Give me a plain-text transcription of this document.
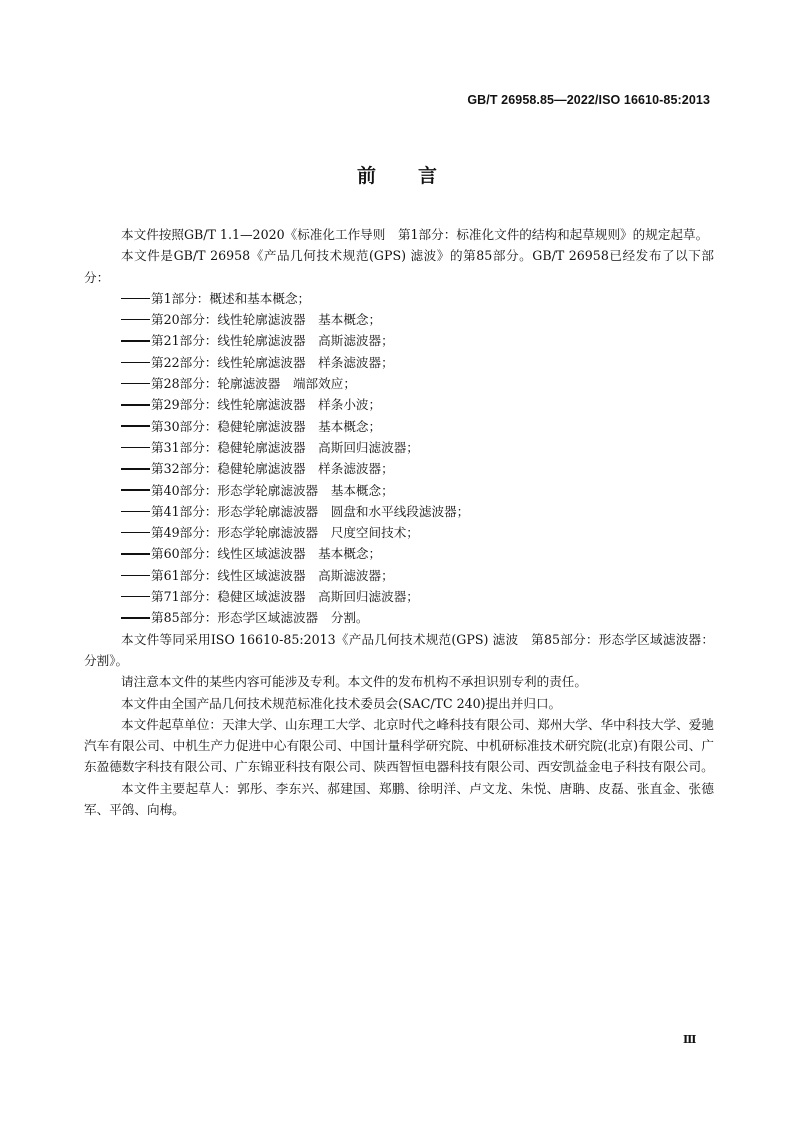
GB/T 26958.85—2022/ISO 16610-85:2013
前 言

本文件按照GB/T 1.1—2020《标准化工作导则　第1部分：标准化文件的结构和起草规则》的规定起草。

本文件是GB/T 26958《产品几何技术规范(GPS) 滤波》的第85部分。GB/T 26958已经发布了以下部分：

第1部分：概述和基本概念；
第20部分：线性轮廓滤波器　基本概念；
第21部分：线性轮廓滤波器　高斯滤波器；
第22部分：线性轮廓滤波器　样条滤波器；
第28部分：轮廓滤波器　端部效应；
第29部分：线性轮廓滤波器　样条小波；
第30部分：稳健轮廓滤波器　基本概念；
第31部分：稳健轮廓滤波器　高斯回归滤波器；
第32部分：稳健轮廓滤波器　样条滤波器；
第40部分：形态学轮廓滤波器　基本概念；
第41部分：形态学轮廓滤波器　圆盘和水平线段滤波器；
第49部分：形态学轮廓滤波器　尺度空间技术；
第60部分：线性区域滤波器　基本概念；
第61部分：线性区域滤波器　高斯滤波器；
第71部分：稳健区域滤波器　高斯回归滤波器；
第85部分：形态学区域滤波器　分割。

本文件等同采用ISO 16610-85:2013《产品几何技术规范(GPS) 滤波　第85部分：形态学区域滤波器：分割》。

请注意本文件的某些内容可能涉及专利。本文件的发布机构不承担识别专利的责任。

本文件由全国产品几何技术规范标准化技术委员会(SAC/TC 240)提出并归口。

本文件起草单位：天津大学、山东理工大学、北京时代之峰科技有限公司、郑州大学、华中科技大学、爱驰汽车有限公司、中机生产力促进中心有限公司、中国计量科学研究院、中机研标准技术研究院(北京)有限公司、广东盈德数字科技有限公司、广东锦亚科技有限公司、陕西智恒电器科技有限公司、西安凯益金电子科技有限公司。

本文件主要起草人：郭彤、李东兴、郝建国、郑鹏、徐明洋、卢文龙、朱悦、唐聃、皮磊、张直金、张德军、平鸽、向梅。

Ⅲ
